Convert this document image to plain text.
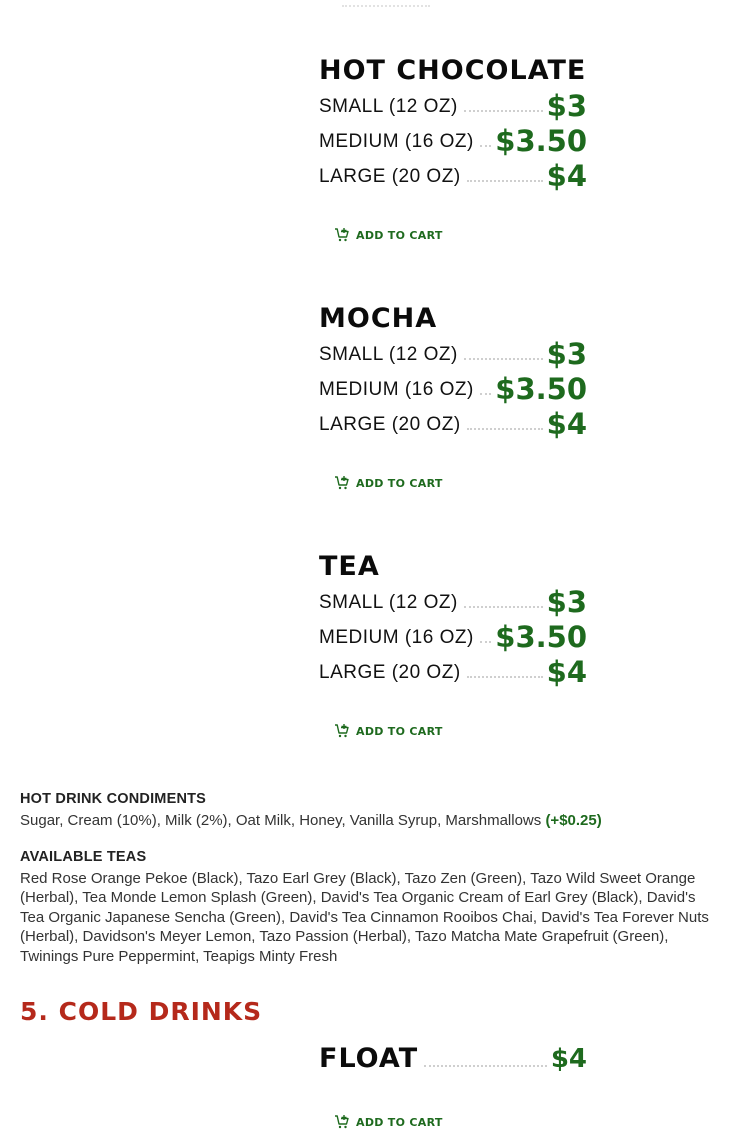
HOT CHOCOLATE
SMALL (12 OZ)	$3
MEDIUM (16 OZ) $3.50
LARGE (20 OZ)	$4
ADD TO CART
MOCHA
SMALL (12 OZ)	$3
MEDIUM (16 OZ) $3.50
LARGE (20 OZ)	$4
ADD TO CART
TEA
SMALL (12 OZ)	$3
MEDIUM (16 OZ) $3.50
LARGE (20 OZ)	$4
ADD TO CART
HOT DRINK CONDIMENTS
Sugar, Cream (10%), Milk (2%), Oat Milk, Honey, Vanilla Syrup, Marshmallows (+$0.25)
AVAILABLE TEAS
Red Rose Orange Pekoe (Black), Tazo Earl Grey (Black), Tazo Zen (Green), Tazo Wild Sweet Orange (Herbal), Tea Monde Lemon Splash (Green), David's Tea Organic Cream of Earl Grey (Black), David's Tea Organic Japanese Sencha (Green), David's Tea Cinnamon Rooibos Chai, David's Tea Forever Nuts (Herbal), Davidson's Meyer Lemon, Tazo Passion (Herbal), Tazo Matcha Mate Grapefruit (Green), Twinings Pure Peppermint, Teapigs Minty Fresh
5. COLD DRINKS
FLOAT	$4
ADD TO CART
